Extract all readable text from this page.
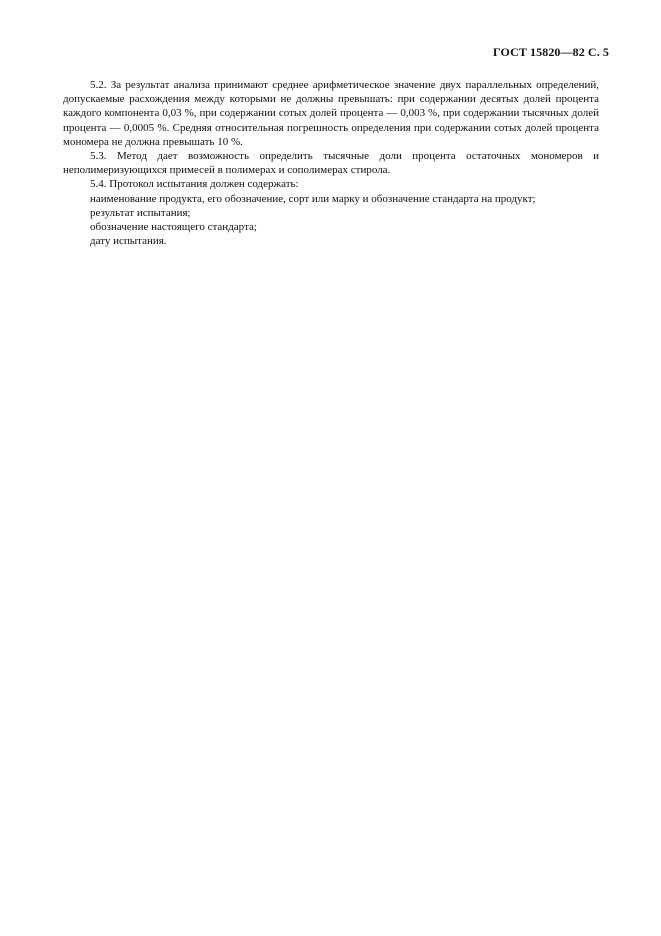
ГОСТ 15820—82 С. 5

5.2. За результат анализа принимают среднее арифметическое значение двух параллельных определений, допускаемые расхождения между которыми не должны превышать: при содержании десятых долей процента каждого компонента 0,03 %, при содержании сотых долей процента — 0,003 %, при содержании тысячных долей процента — 0,0005 %. Средняя относительная погрешность определения при содержании сотых долей процента мономера не должна превышать 10 %.

5.3. Метод дает возможность определить тысячные доли процента остаточных мономеров и неполимеризующихся примесей в полимерах и сополимерах стирола.

5.4. Протокол испытания должен содержать:

наименование продукта, его обозначение, сорт или марку и обозначение стандарта на продукт;

результат испытания;

обозначение настоящего стандарта;

дату испытания.
